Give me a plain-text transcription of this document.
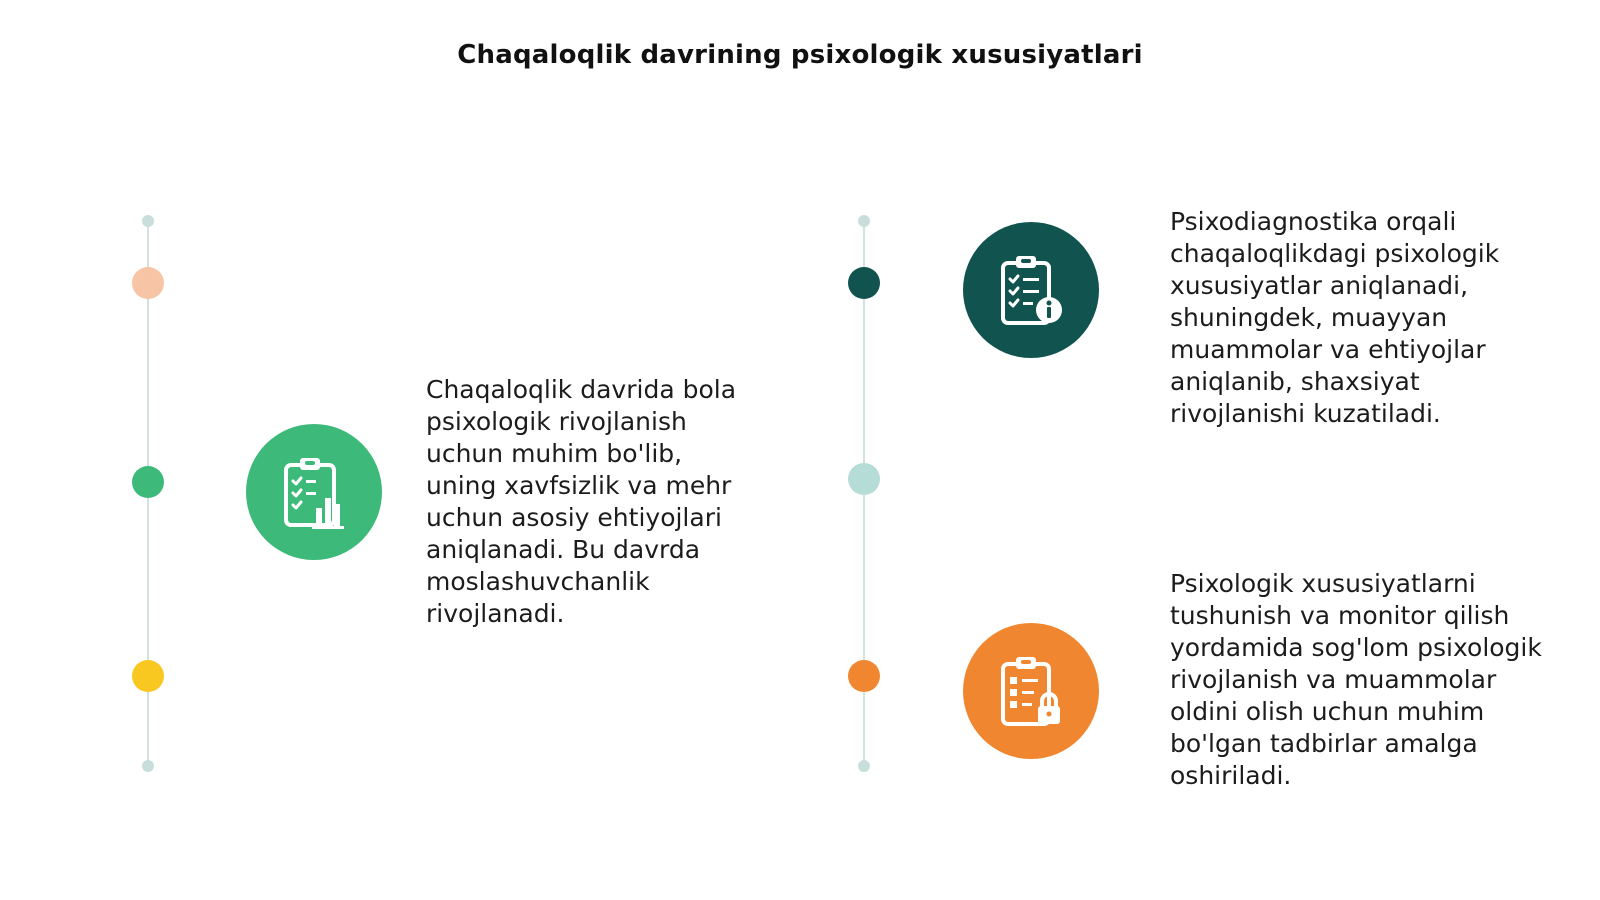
Chaqaloqlik davrining psixologik xususiyatlari
Chaqaloqlik davrida bola psixologik rivojlanish uchun muhim bo'lib, uning xavfsizlik va mehr uchun asosiy ehtiyojlari aniqlanadi. Bu davrda moslashuvchanlik rivojlanadi.
Psixodiagnostika orqali chaqaloqlikdagi psixologik xususiyatlar aniqlanadi, shuningdek, muayyan muammolar va ehtiyojlar aniqlanib, shaxsiyat rivojlanishi kuzatiladi.
Psixologik xususiyatlarni tushunish va monitor qilish yordamida sog'lom psixologik rivojlanish va muammolar oldini olish uchun muhim bo'lgan tadbirlar amalga oshiriladi.
